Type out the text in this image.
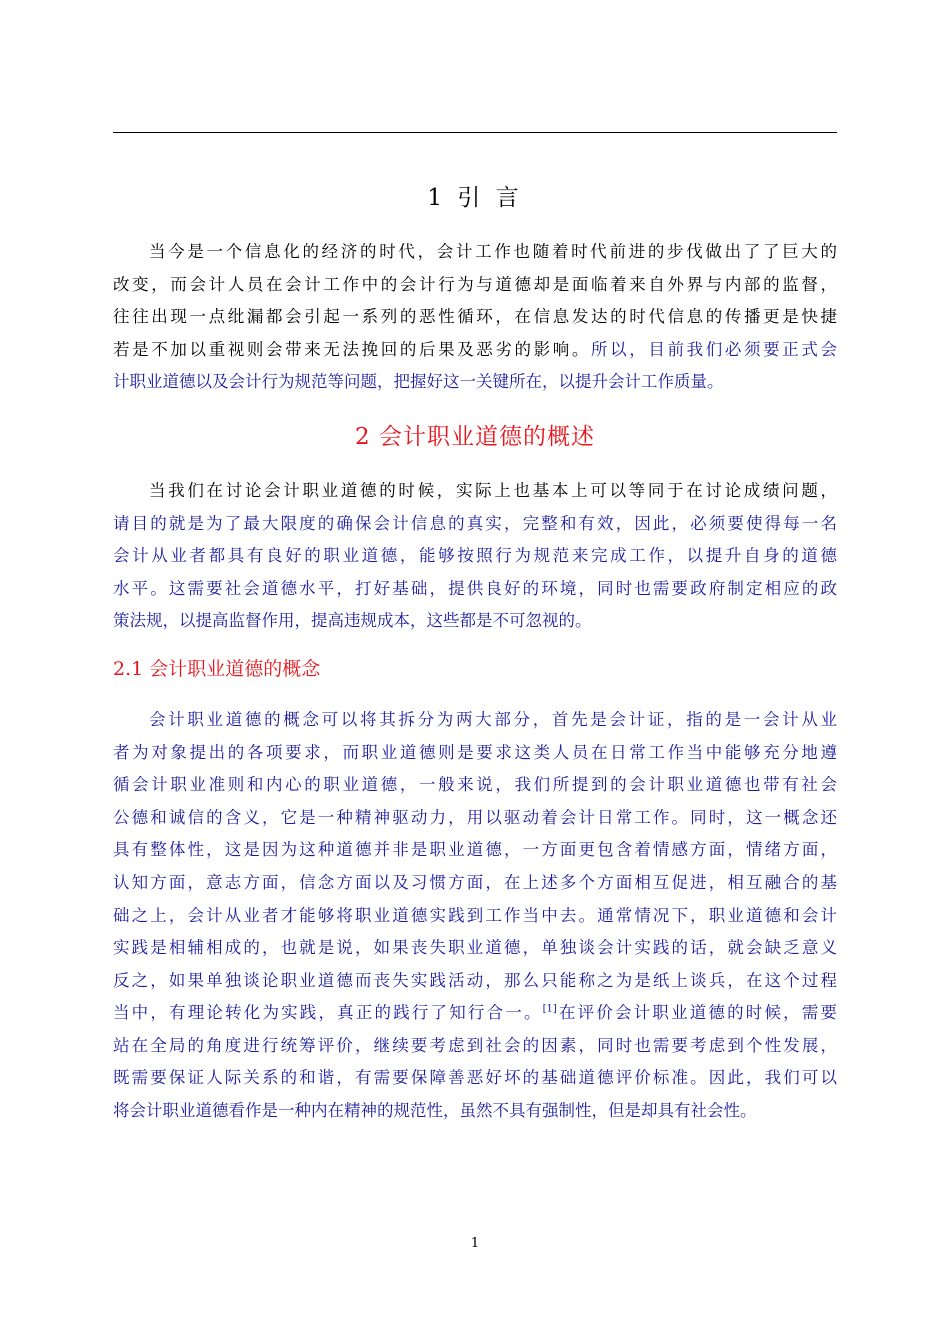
1 引 言
当今是一个信息化的经济的时代，会计工作也随着时代前进的步伐做出了了巨大的
改变，而会计人员在会计工作中的会计行为与道德却是面临着来自外界与内部的监督，
往往出现一点纰漏都会引起一系列的恶性循环，在信息发达的时代信息的传播更是快捷
若是不加以重视则会带来无法挽回的后果及恶劣的影响。所以，目前我们必须要正式会
计职业道德以及会计行为规范等问题，把握好这一关键所在，以提升会计工作质量。
2 会计职业道德的概述
当我们在讨论会计职业道德的时候，实际上也基本上可以等同于在讨论成绩问题，
请目的就是为了最大限度的确保会计信息的真实，完整和有效，因此，必须要使得每一名
会计从业者都具有良好的职业道德，能够按照行为规范来完成工作，以提升自身的道德
水平。这需要社会道德水平，打好基础，提供良好的环境，同时也需要政府制定相应的政
策法规，以提高监督作用，提高违规成本，这些都是不可忽视的。
2.1 会计职业道德的概念
会计职业道德的概念可以将其拆分为两大部分，首先是会计证，指的是一会计从业
者为对象提出的各项要求，而职业道德则是要求这类人员在日常工作当中能够充分地遵
循会计职业准则和内心的职业道德，一般来说，我们所提到的会计职业道德也带有社会
公德和诚信的含义，它是一种精神驱动力，用以驱动着会计日常工作。同时，这一概念还
具有整体性，这是因为这种道德并非是职业道德，一方面更包含着情感方面，情绪方面，
认知方面，意志方面，信念方面以及习惯方面，在上述多个方面相互促进，相互融合的基
础之上，会计从业者才能够将职业道德实践到工作当中去。通常情况下，职业道德和会计
实践是相辅相成的，也就是说，如果丧失职业道德，单独谈会计实践的话，就会缺乏意义
反之，如果单独谈论职业道德而丧失实践活动，那么只能称之为是纸上谈兵，在这个过程
当中，有理论转化为实践，真正的践行了知行合一。[1]在评价会计职业道德的时候，需要
站在全局的角度进行统筹评价，继续要考虑到社会的因素，同时也需要考虑到个性发展，
既需要保证人际关系的和谐，有需要保障善恶好坏的基础道德评价标准。因此，我们可以
将会计职业道德看作是一种内在精神的规范性，虽然不具有强制性，但是却具有社会性。
1
